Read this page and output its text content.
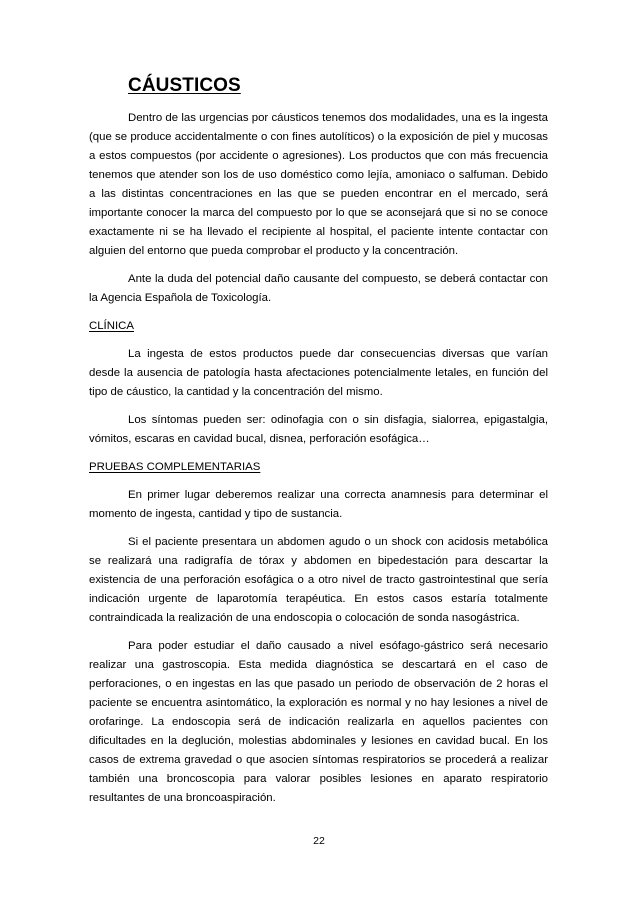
CÁUSTICOS

Dentro de las urgencias por cáusticos tenemos dos modalidades, una es la ingesta (que se produce accidentalmente o con fines autolíticos) o la exposición de piel y mucosas a estos compuestos (por accidente o agresiones). Los productos que con más frecuencia tenemos que atender son los de uso doméstico como lejía, amoniaco o salfuman. Debido a las distintas concentraciones en las que se pueden encontrar en el mercado, será importante conocer la marca del compuesto por lo que se aconsejará que si no se conoce exactamente ni se ha llevado el recipiente al hospital, el paciente intente contactar con alguien del entorno que pueda comprobar el producto y la concentración.

Ante la duda del potencial daño causante del compuesto, se deberá contactar con la Agencia Española de Toxicología.

CLÍNICA

La ingesta de estos productos puede dar consecuencias diversas que varían desde la ausencia de patología hasta afectaciones potencialmente letales, en función del tipo de cáustico, la cantidad y la concentración del mismo.

Los síntomas pueden ser: odinofagia con o sin disfagia, sialorrea, epigastalgia, vómitos, escaras en cavidad bucal, disnea, perforación esofágica…

PRUEBAS COMPLEMENTARIAS

En primer lugar deberemos realizar una correcta anamnesis para determinar el momento de ingesta, cantidad y tipo de sustancia.

Si el paciente presentara un abdomen agudo o un shock con acidosis metabólica se realizará una radigrafía de tórax y abdomen en bipedestación para descartar la existencia de una perforación esofágica o a otro nivel de tracto gastrointestinal que sería indicación urgente de laparotomía terapéutica. En estos casos estaría totalmente contraindicada la realización de una endoscopia o colocación de sonda nasogástrica.

Para poder estudiar el daño causado a nivel esófago-gástrico será necesario realizar una gastroscopia. Esta medida diagnóstica se descartará en el caso de perforaciones, o en ingestas en las que pasado un periodo de observación de 2 horas el paciente se encuentra asintomático, la exploración es normal y no hay lesiones a nivel de orofaringe. La endoscopia será de indicación realizarla en aquellos pacientes con dificultades en la deglución, molestias abdominales y lesiones en cavidad bucal. En los casos de extrema gravedad o que asocien síntomas respiratorios se procederá a realizar también una broncoscopia para valorar posibles lesiones en aparato respiratorio resultantes de una broncoaspiración.

22
